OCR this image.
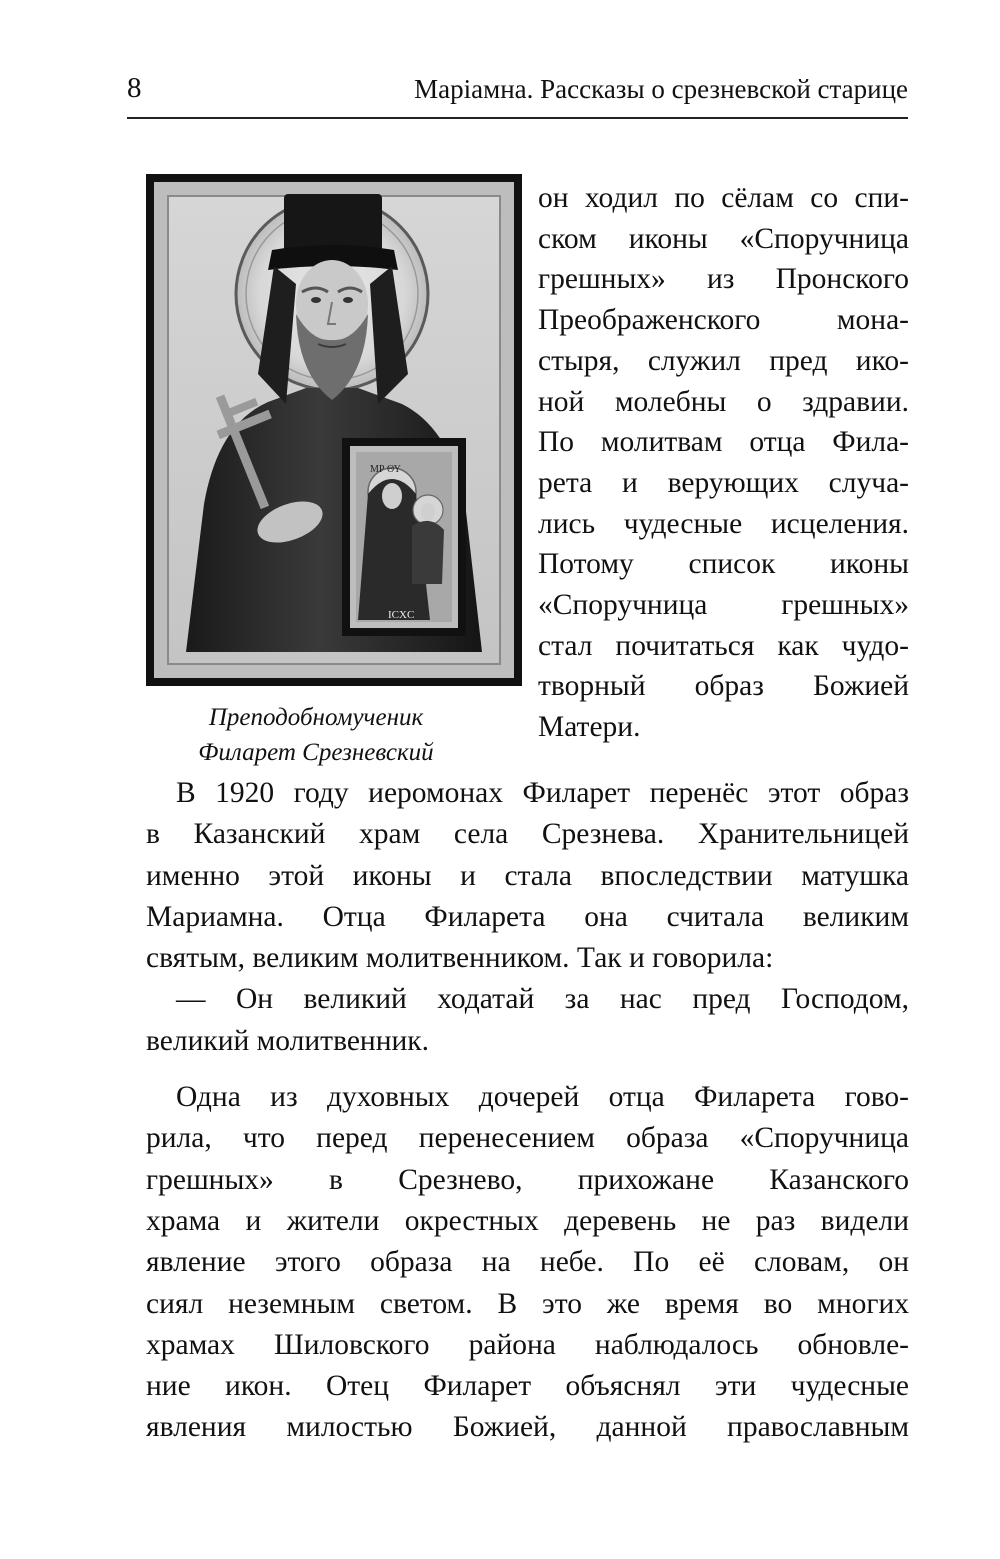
8	Марiамна. Рассказы о срезневской старице
ΜΡ ΘΥ
ICXC
Преподобномученик
Филарет Срезневский
он ходил по сёлам со спи-
ском иконы «Споручница
грешных» из Пронского
Преображенского мона-
стыря, служил пред ико-
ной молебны о здравии.
По молитвам отца Фила-
рета и верующих случа-
лись чудесные исцеления.
Потому список иконы
«Споручница грешных»
стал почитаться как чудо-
творный образ Божией
Матери.
В 1920 году иеромонах Филарет перенёс этот образ
в Казанский храм села Срезнева. Хранительницей
именно этой иконы и стала впоследствии матушка
Мариамна. Отца Филарета она считала великим
святым, великим молитвенником. Так и говорила:
— Он великий ходатай за нас пред Господом,
великий молитвенник.
Одна из духовных дочерей отца Филарета гово-
рила, что перед перенесением образа «Споручница
грешных» в Срезнево, прихожане Казанского
храма и жители окрестных деревень не раз видели
явление этого образа на небе. По её словам, он
сиял неземным светом. В это же время во многих
храмах Шиловского района наблюдалось обновле-
ние икон. Отец Филарет объяснял эти чудесные
явления милостью Божией, данной православным
